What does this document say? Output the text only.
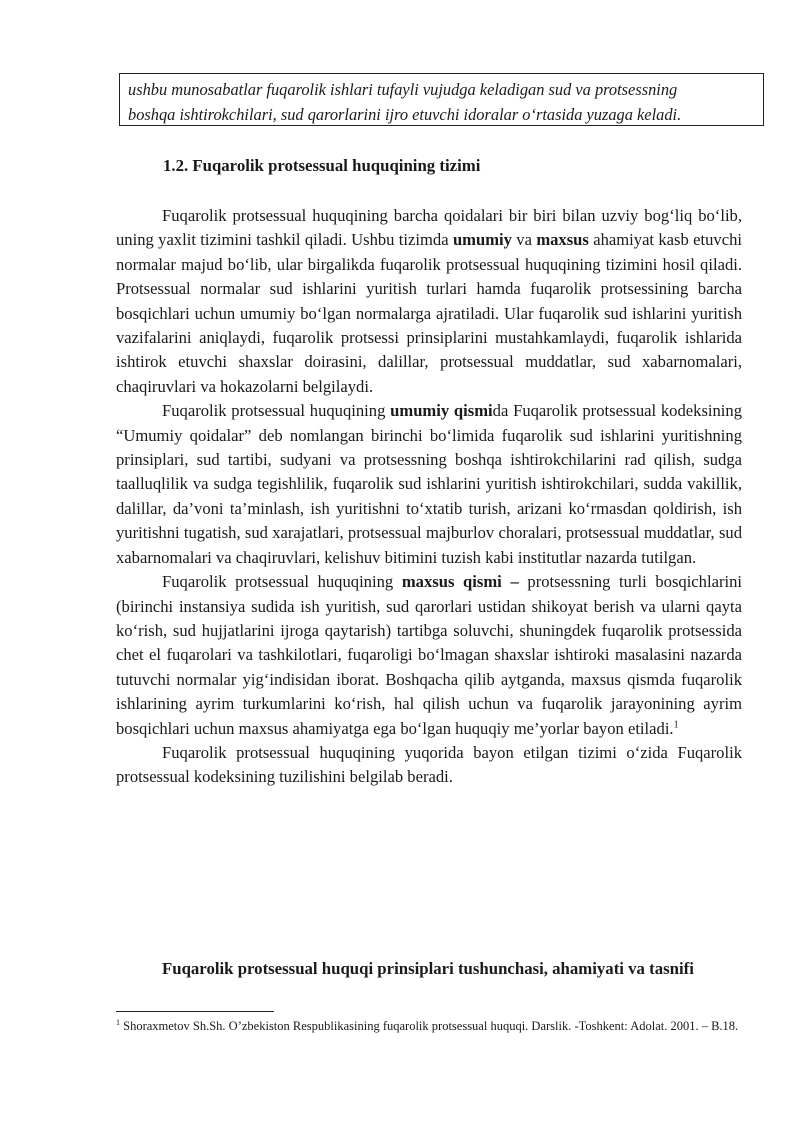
ushbu munosabatlar fuqarolik ishlari tufayli vujudga keladigan sud va protsessning
boshqa ishtirokchilari, sud qarorlarini ijro etuvchi idoralar o‘rtasida yuzaga keladi.
1.2. Fuqarolik protsessual huquqining tizimi

Fuqarolik protsessual huquqining barcha qoidalari bir biri bilan uzviy bog‘liq bo‘lib, uning yaxlit tizimini tashkil qiladi. Ushbu tizimda umumiy va maxsus ahamiyat kasb etuvchi normalar majud bo‘lib, ular birgalikda fuqarolik protsessual huquqining tizimini hosil qiladi. Protsessual normalar sud ishlarini yuritish turlari hamda fuqarolik protsessining barcha bosqichlari uchun umumiy bo‘lgan normalarga ajratiladi. Ular fuqarolik sud ishlarini yuritish vazifalarini aniqlaydi, fuqarolik protsessi prinsiplarini mustahkamlaydi, fuqarolik ishlarida ishtirok etuvchi shaxslar doirasini, dalillar, protsessual muddatlar, sud xabarnomalari, chaqiruvlari va hokazolarni belgilaydi.

Fuqarolik protsessual huquqining umumiy qismida Fuqarolik protsessual kodeksining “Umumiy qoidalar” deb nomlangan birinchi bo‘limida fuqarolik sud ishlarini yuritishning prinsiplari, sud tartibi, sudyani va protsessning boshqa ishtirokchilarini rad qilish, sudga taalluqlilik va sudga tegishlilik, fuqarolik sud ishlarini yuritish ishtirokchilari, sudda vakillik, dalillar, da’voni ta’minlash, ish yuritishni to‘xtatib turish, arizani ko‘rmasdan qoldirish, ish yuritishni tugatish, sud xarajatlari, protsessual majburlov choralari, protsessual muddatlar, sud xabarnomalari va chaqiruvlari, kelishuv bitimini tuzish kabi institutlar nazarda tutilgan.

Fuqarolik protsessual huquqining maxsus qismi – protsessning turli bosqichlarini (birinchi instansiya sudida ish yuritish, sud qarorlari ustidan shikoyat berish va ularni qayta ko‘rish, sud hujjatlarini ijroga qaytarish) tartibga soluvchi, shuningdek fuqarolik protsessida chet el fuqarolari va tashkilotlari, fuqaroligi bo‘lmagan shaxslar ishtiroki masalasini nazarda tutuvchi normalar yig‘indisidan iborat. Boshqacha qilib aytganda, maxsus qismda fuqarolik ishlarining ayrim turkumlarini ko‘rish, hal qilish uchun va fuqarolik jarayonining ayrim bosqichlari uchun maxsus ahamiyatga ega bo‘lgan huquqiy me’yorlar bayon etiladi.$^1$

Fuqarolik protsessual huquqining yuqorida bayon etilgan tizimi o‘zida Fuqarolik protsessual kodeksining tuzilishini belgilab beradi.

Fuqarolik protsessual huquqi prinsiplari tushunchasi, ahamiyati va tasnifi
$^1$ Shoraxmetov Sh.Sh. O’zbekiston Respublikasining fuqarolik protsessual huquqi. Darslik. -Toshkent: Adolat. 2001. – B.18.
